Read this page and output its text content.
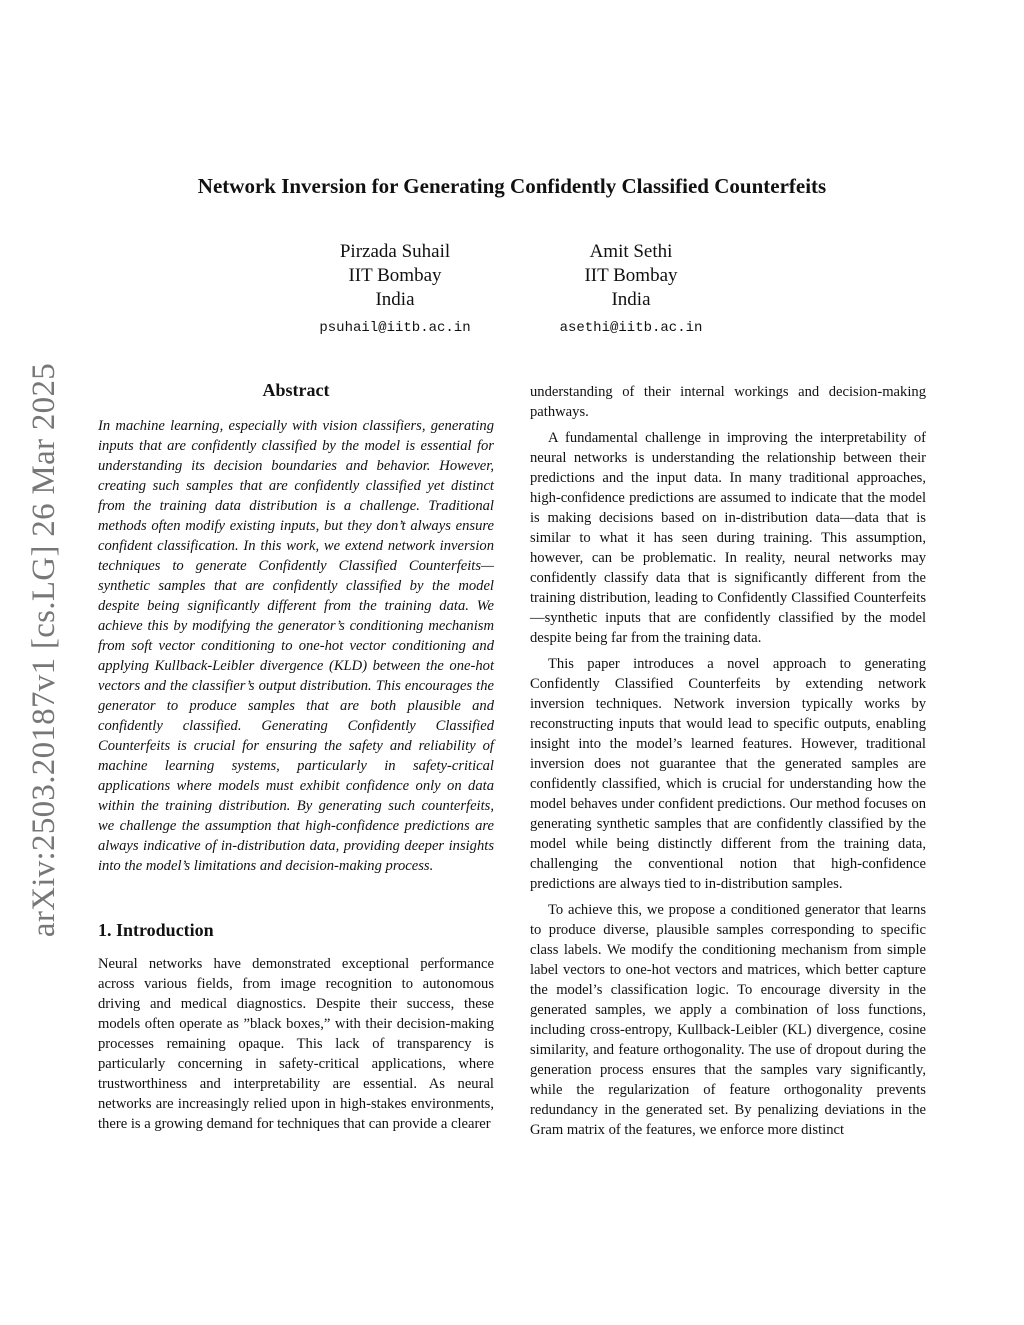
arXiv:2503.20187v1 [cs.LG] 26 Mar 2025
Network Inversion for Generating Confidently Classified Counterfeits
Pirzada Suhail
IIT Bombay
India
psuhail@iitb.ac.in
Amit Sethi
IIT Bombay
India
asethi@iitb.ac.in
Abstract

In machine learning, especially with vision classifiers, generating inputs that are confidently classified by the model is essential for understanding its decision boundaries and behavior. However, creating such samples that are confidently classified yet distinct from the training data distribution is a challenge. Traditional methods often modify existing inputs, but they don’t always ensure confident classification. In this work, we extend network inversion techniques to generate Confidently Classified Counterfeits—synthetic samples that are confidently classified by the model despite being significantly different from the training data. We achieve this by modifying the generator’s conditioning mechanism from soft vector conditioning to one-hot vector conditioning and applying Kullback-Leibler divergence (KLD) between the one-hot vectors and the classifier’s output distribution. This encourages the generator to produce samples that are both plausible and confidently classified. Generating Confidently Classified Counterfeits is crucial for ensuring the safety and reliability of machine learning systems, particularly in safety-critical applications where models must exhibit confidence only on data within the training distribution. By generating such counterfeits, we challenge the assumption that high-confidence predictions are always indicative of in-distribution data, providing deeper insights into the model’s limitations and decision-making process.

1. Introduction

Neural networks have demonstrated exceptional performance across various fields, from image recognition to autonomous driving and medical diagnostics. Despite their success, these models often operate as ”black boxes,” with their decision-making processes remaining opaque. This lack of transparency is particularly concerning in safety-critical applications, where trustworthiness and interpretability are essential. As neural networks are increasingly relied upon in high-stakes environments, there is a growing demand for techniques that can provide a clearer

understanding of their internal workings and decision-making pathways.

A fundamental challenge in improving the interpretability of neural networks is understanding the relationship between their predictions and the input data. In many traditional approaches, high-confidence predictions are assumed to indicate that the model is making decisions based on in-distribution data—data that is similar to what it has seen during training. This assumption, however, can be problematic. In reality, neural networks may confidently classify data that is significantly different from the training distribution, leading to Confidently Classified Counterfeits—synthetic inputs that are confidently classified by the model despite being far from the training data.

This paper introduces a novel approach to generating Confidently Classified Counterfeits by extending network inversion techniques. Network inversion typically works by reconstructing inputs that would lead to specific outputs, enabling insight into the model’s learned features. However, traditional inversion does not guarantee that the generated samples are confidently classified, which is crucial for understanding how the model behaves under confident predictions. Our method focuses on generating synthetic samples that are confidently classified by the model while being distinctly different from the training data, challenging the conventional notion that high-confidence predictions are always tied to in-distribution samples.

To achieve this, we propose a conditioned generator that learns to produce diverse, plausible samples corresponding to specific class labels. We modify the conditioning mechanism from simple label vectors to one-hot vectors and matrices, which better capture the model’s classification logic. To encourage diversity in the generated samples, we apply a combination of loss functions, including cross-entropy, Kullback-Leibler (KL) divergence, cosine similarity, and feature orthogonality. The use of dropout during the generation process ensures that the samples vary significantly, while the regularization of feature orthogonality prevents redundancy in the generated set. By penalizing deviations in the Gram matrix of the features, we enforce more distinct
